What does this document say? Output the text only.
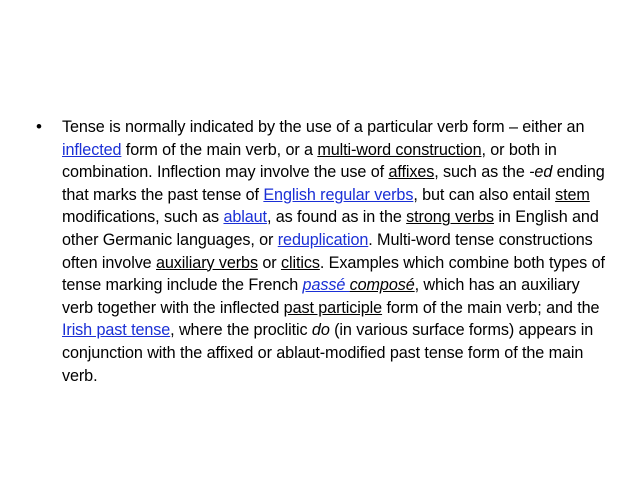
•	Tense is normally indicated by the use of a particular verb form – either an inflected form of the main verb, or a multi-word construction, or both in combination. Inflection may involve the use of affixes, such as the -ed ending that marks the past tense of English regular verbs, but can also entail stem modifications, such as ablaut, as found as in the strong verbs in English and other Germanic languages, or reduplication. Multi-word tense constructions often involve auxiliary verbs or clitics. Examples which combine both types of tense marking include the French passé composé, which has an auxiliary verb together with the inflected past participle form of the main verb; and the Irish past tense, where the proclitic do (in various surface forms) appears in conjunction with the affixed or ablaut-modified past tense form of the main verb.
